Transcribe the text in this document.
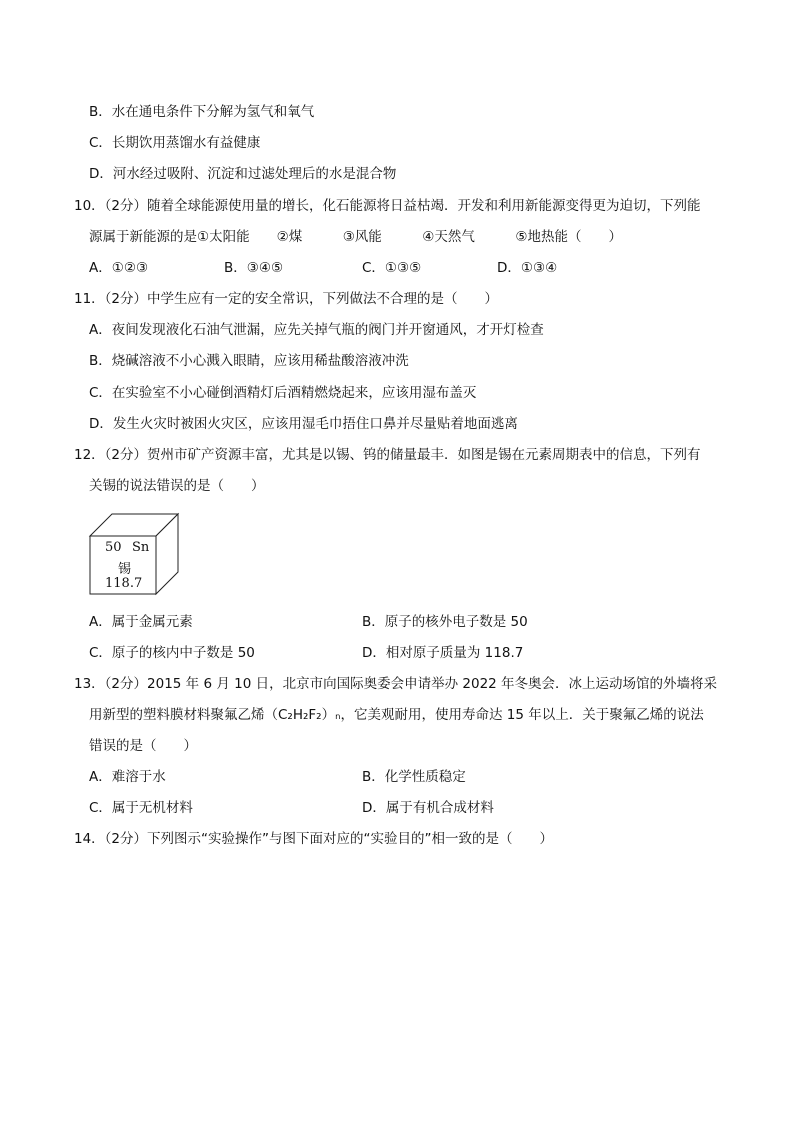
B．水在通电条件下分解为氢气和氧气
C．长期饮用蒸馏水有益健康
D．河水经过吸附、沉淀和过滤处理后的水是混合物
10．（2分）随着全球能源使用量的增长，化石能源将日益枯竭．开发和利用新能源变得更为迫切，下列能
源属于新能源的是①太阳能　　②煤　　　③风能　　　④天然气　　　⑤地热能（　　）
A．①②③	B．③④⑤	C．①③⑤	D．①③④
11．（2分）中学生应有一定的安全常识，下列做法不合理的是（　　）
A．夜间发现液化石油气泄漏，应先关掉气瓶的阀门并开窗通风，才开灯检查
B．烧碱溶液不小心溅入眼睛，应该用稀盐酸溶液冲洗
C．在实验室不小心碰倒酒精灯后酒精燃烧起来，应该用湿布盖灭
D．发生火灾时被困火灾区，应该用湿毛巾捂住口鼻并尽量贴着地面逃离
12．（2分）贺州市矿产资源丰富，尤其是以锡、钨的储量最丰．如图是锡在元素周期表中的信息，下列有
关锡的说法错误的是（　　）
50 Sn
锡
118.7
A．属于金属元素	B．原子的核外电子数是 50
C．原子的核内中子数是 50	D．相对原子质量为 118.7
13．（2分）2015 年 6 月 10 日，北京市向国际奥委会申请举办 2022 年冬奥会．冰上运动场馆的外墙将采
用新型的塑料膜材料聚氟乙烯（C₂H₂F₂）ₙ，它美观耐用，使用寿命达 15 年以上．关于聚氟乙烯的说法
错误的是（　　）
A．难溶于水	B．化学性质稳定
C．属于无机材料	D．属于有机合成材料
14．（2分）下列图示“实验操作”与图下面对应的“实验目的”相一致的是（　　）
